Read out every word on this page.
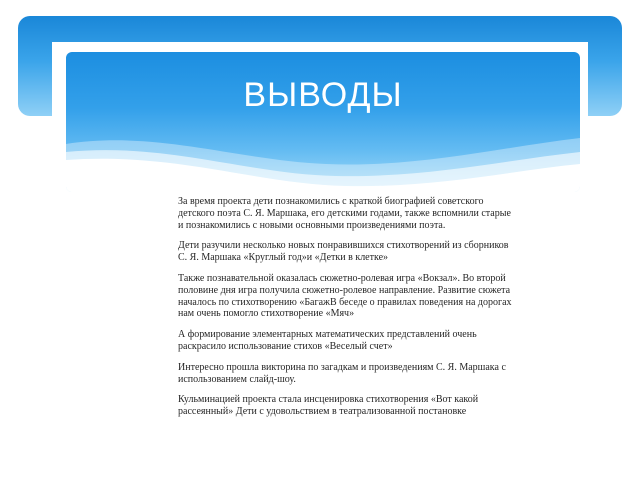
ВЫВОДЫ

За время проекта дети познакомились с краткой биографией советского детского поэта С. Я. Маршака, его детскими годами, также вспомнили старые и познакомились с новыми основными произведениями поэта.

Дети разучили несколько новых понравившихся стихотворений из сборников С. Я. Маршака «Круглый год»и «Детки в клетке»

Также познавательной оказалась сюжетно-ролевая игра «Вокзал». Во второй половине дня игра получила сюжетно-ролевое направление. Развитие сюжета началось по стихотворению «БагажВ беседе о правилах поведения на дорогах нам очень помогло стихотворение «Мяч»

А формирование элементарных математических представлений очень раскрасило использование стихов «Веселый счет»

Интересно прошла викторина по загадкам и произведениям С. Я. Маршака с использованием слайд-шоу.

Кульминацией проекта стала инсценировка стихотворения «Вот какой рассеянный» Дети с удовольствием в театрализованной постановке
